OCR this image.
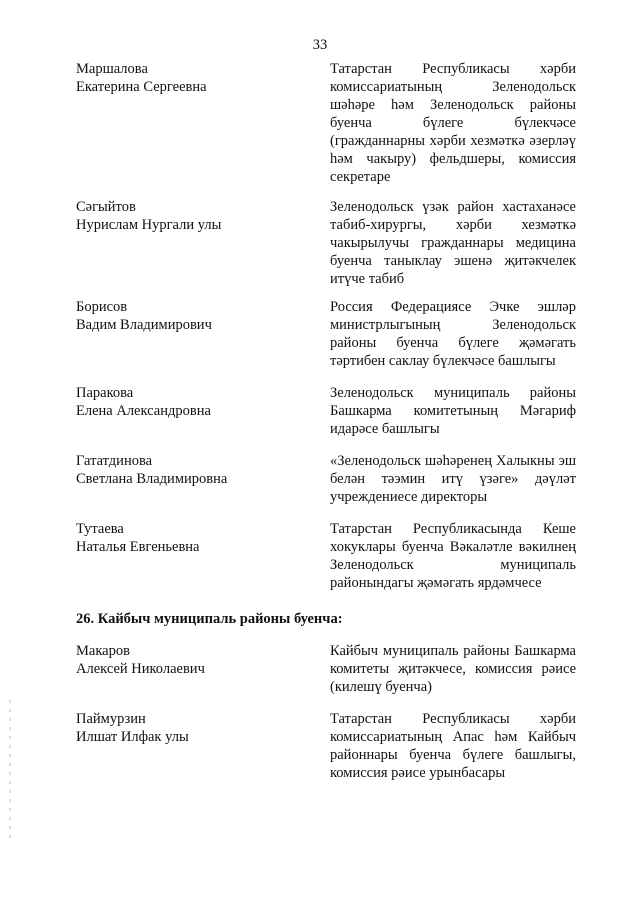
33
Маршалова
Екатерина Сергеевна
Татарстан Республикасы хәрби комиссариатының Зеленодольск шәһәре һәм Зеленодольск районы буенча бүлеге бүлекчәсе (гражданнарны хәрби хезмәткә әзерләү һәм чакыру) фельдшеры, комиссия секретаре
Сәгыйтов
Нурислам Нургали улы
Зеленодольск үзәк район хастаханәсе табиб-хирургы, хәрби хезмәткә чакырылучы гражданнары медицина буенча таныклау эшенә җитәкчелек итүче табиб
Борисов
Вадим Владимирович
Россия Федерациясе Эчке эшләр министрлыгының Зеленодольск районы буенча бүлеге җәмәгать тәртибен саклау бүлекчәсе башлыгы
Паракова
Елена Александровна
Зеленодольск муниципаль районы Башкарма комитетының Мәгариф идарәсе башлыгы
Гататдинова
Светлана Владимировна
«Зеленодольск шәһәренең Халыкны эш белән тәэмин итү үзәге» дәүләт учреждениесе директоры
Тутаева
Наталья Евгеньевна
Татарстан Республикасында Кеше хокуклары буенча Вәкаләтле вәкилнең Зеленодольск муниципаль районындагы җәмәгать ярдәмчесе
26. Кайбыч муниципаль районы буенча:
Макаров
Алексей Николаевич
Кайбыч муниципаль районы Башкарма комитеты җитәкчесе, комиссия рәисе (килешү буенча)
Паймурзин
Илшат Илфак улы
Татарстан Республикасы хәрби комиссариатының Апас һәм Кайбыч районнары буенча бүлеге башлыгы, комиссия рәисе урынбасары
